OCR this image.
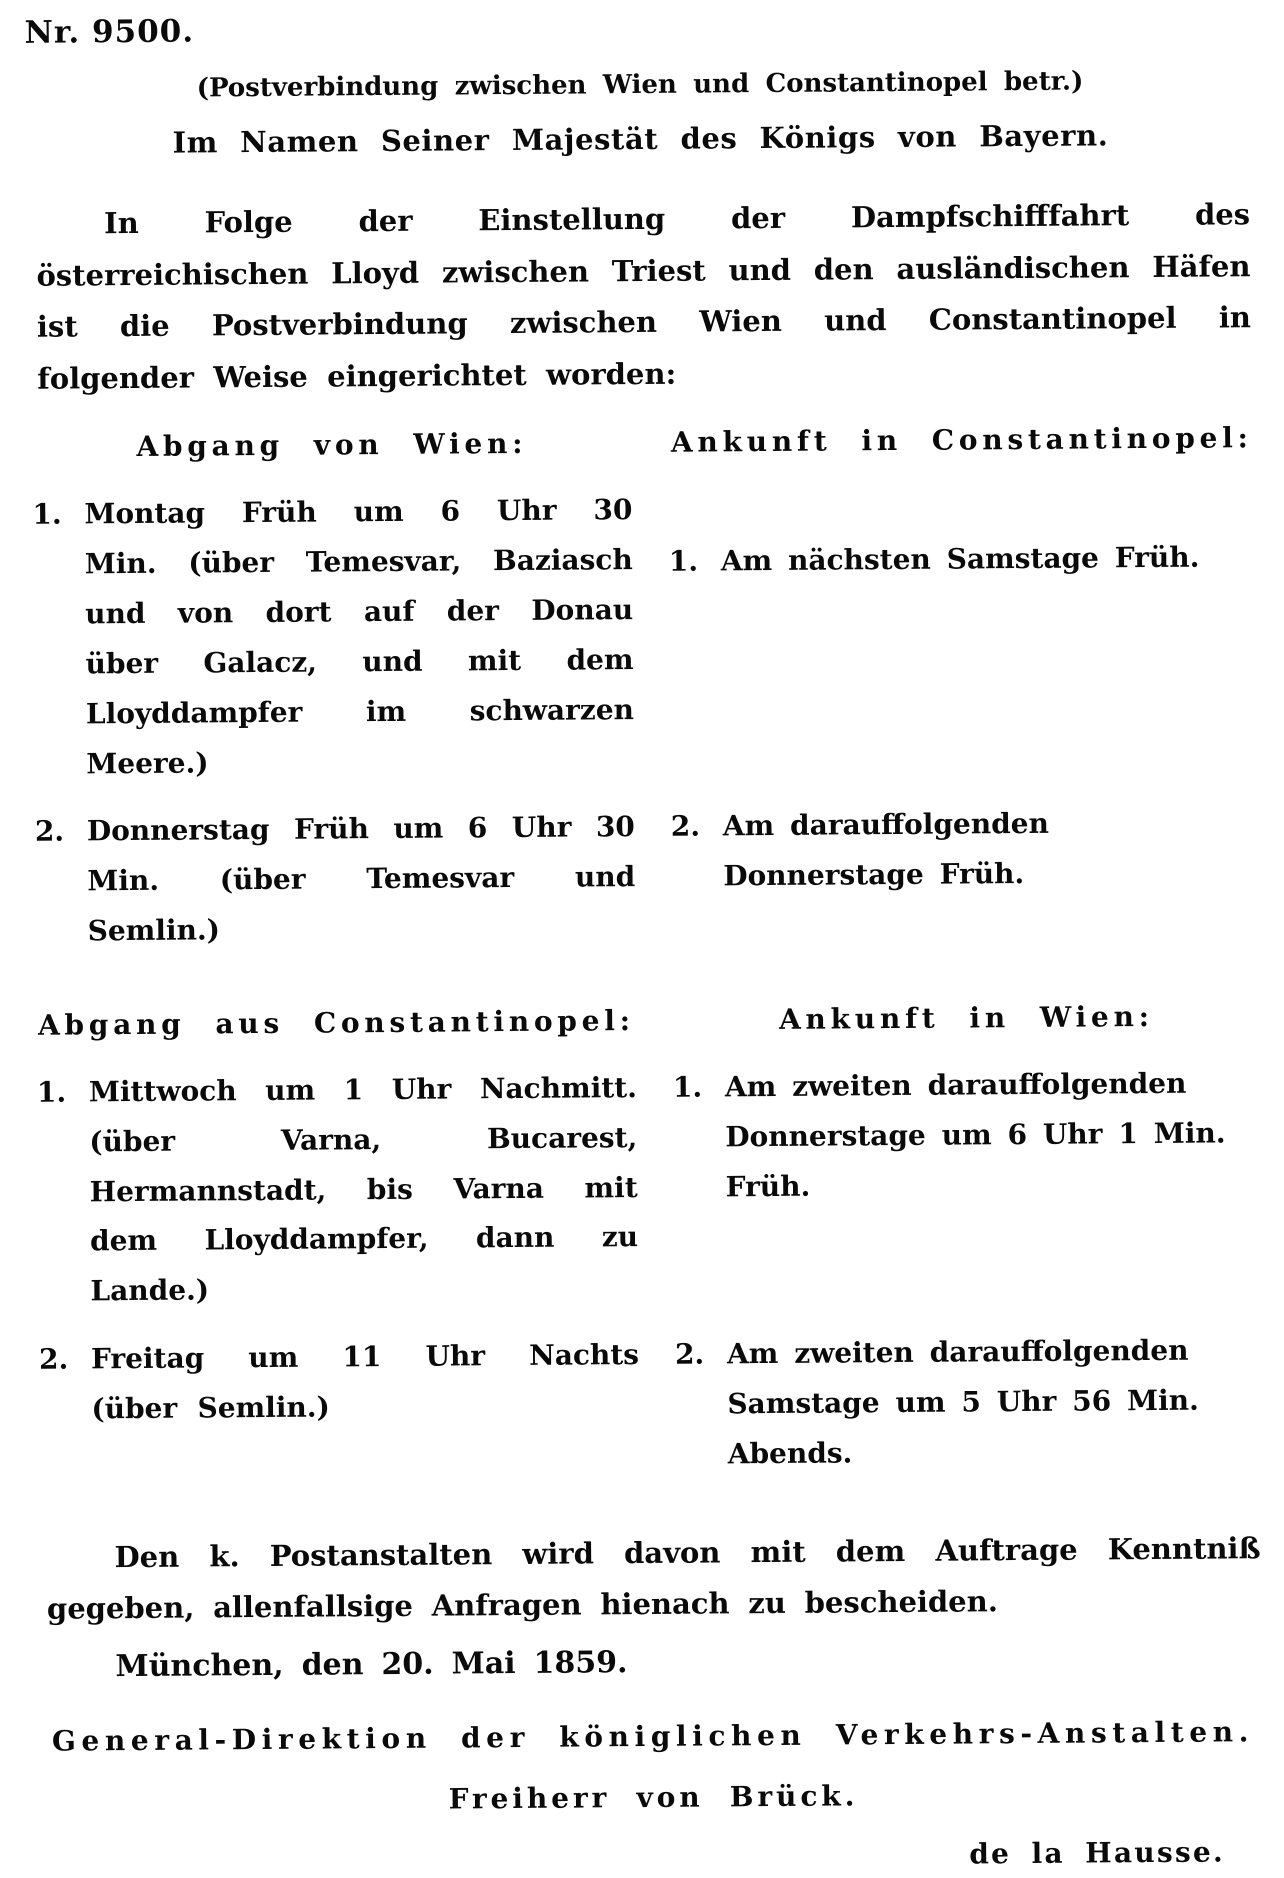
Nr. 9500.
(Postverbindung zwischen Wien und Constantinopel betr.)
Im Namen Seiner Majestät des Königs von Bayern.
In Folge der Einstellung der Dampfschifffahrt des österreichischen Lloyd zwischen Triest und den ausländischen Häfen ist die Postverbindung zwischen Wien und Constantinopel in folgender Weise eingerichtet worden:
Abgang von Wien:	Ankunft in Constantinopel:
1. Montag Früh um 6 Uhr 30 Min. (über Temesvar, Baziasch und von dort auf der Donau über Galacz, und mit dem Lloyddampfer im schwarzen Meere.)
1. Am nächsten Samstage Früh.
2. Donnerstag Früh um 6 Uhr 30 Min. (über Temesvar und Semlin.)
2. Am darauffolgenden Donnerstage Früh.
Abgang aus Constantinopel:	Ankunft in Wien:
1. Mittwoch um 1 Uhr Nachmitt. (über Varna, Bucarest, Hermannstadt, bis Varna mit dem Lloyddampfer, dann zu Lande.)
1. Am zweiten darauffolgenden Donnerstage um 6 Uhr 1 Min. Früh.
2. Freitag um 11 Uhr Nachts (über Semlin.)
2. Am zweiten darauffolgenden Samstage um 5 Uhr 56 Min. Abends.
Den k. Postanstalten wird davon mit dem Auftrage Kenntniß gegeben, allenfallsige Anfragen hienach zu bescheiden.
München, den 20. Mai 1859.
General-Direktion der königlichen Verkehrs-Anstalten.
Freiherr von Brück.
de la Hausse.
